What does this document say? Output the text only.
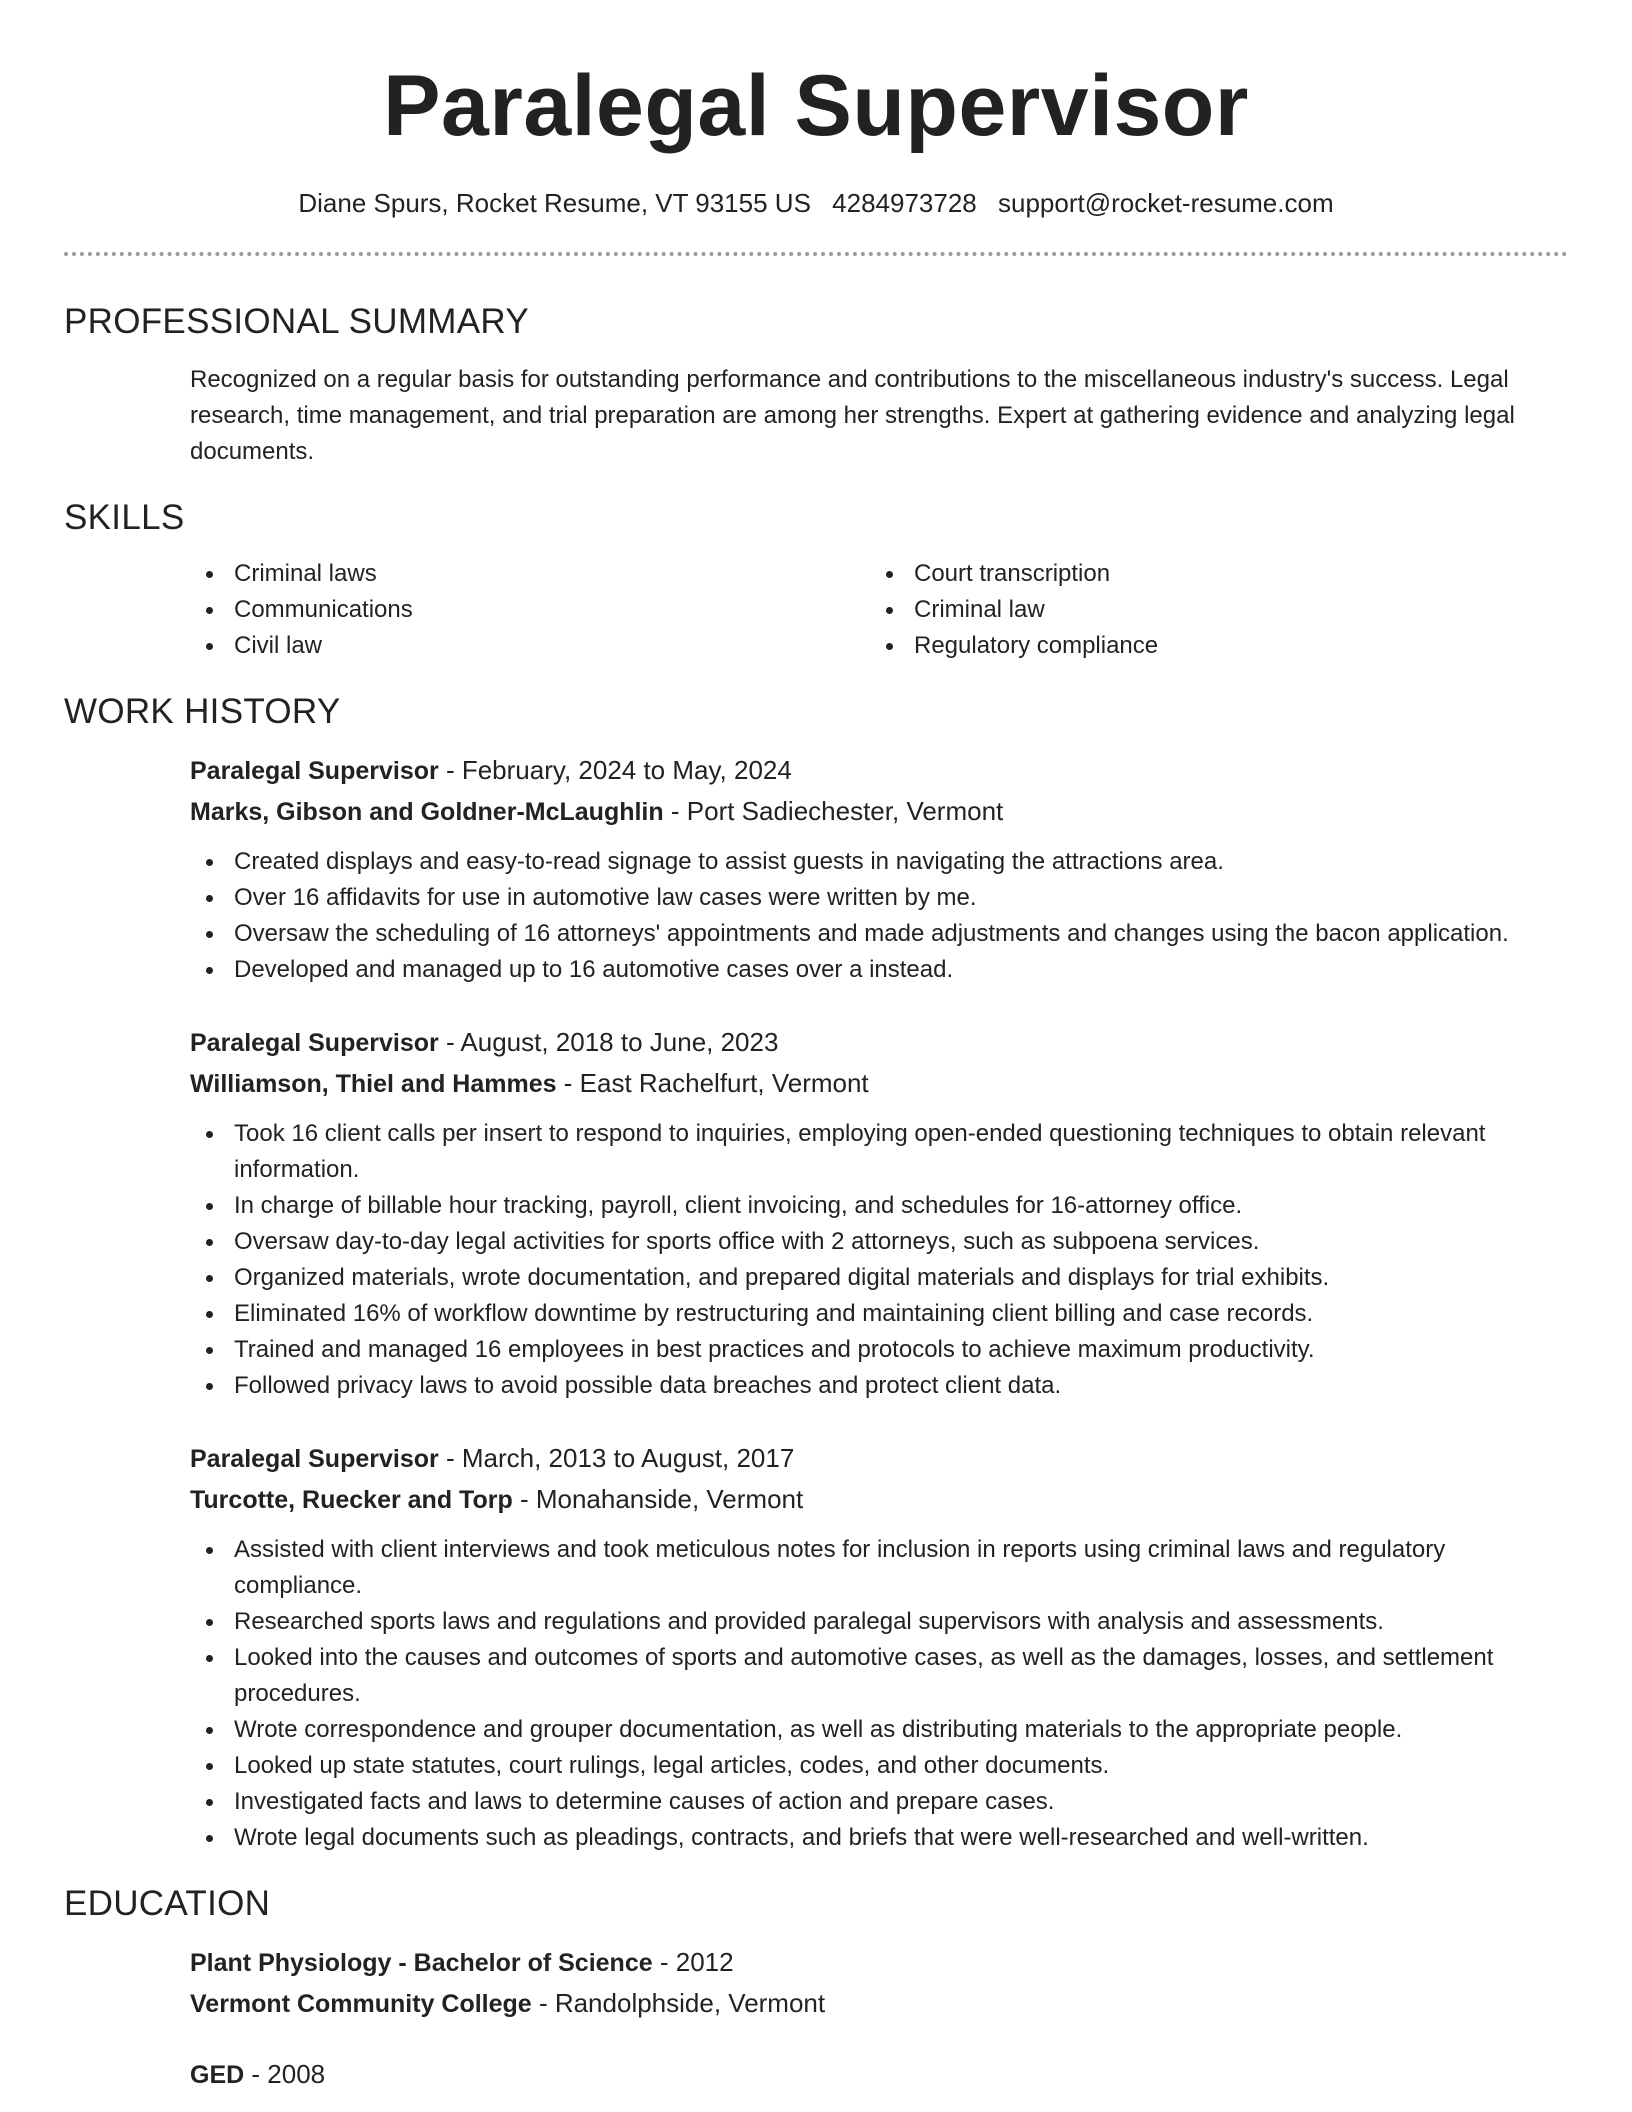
Paralegal Supervisor
Diane Spurs, Rocket Resume, VT 93155 US 4284973728 support@rocket-resume.com
PROFESSIONAL SUMMARY

Recognized on a regular basis for outstanding performance and contributions to the miscellaneous industry's success. Legal research, time management, and trial preparation are among her strengths. Expert at gathering evidence and analyzing legal documents.

SKILLS
Criminal laws
Communications
Civil law
Court transcription
Criminal law
Regulatory compliance
WORK HISTORY
Paralegal Supervisor - February, 2024 to May, 2024
Marks, Gibson and Goldner-McLaughlin - Port Sadiechester, Vermont
Created displays and easy-to-read signage to assist guests in navigating the attractions area.
Over 16 affidavits for use in automotive law cases were written by me.
Oversaw the scheduling of 16 attorneys' appointments and made adjustments and changes using the bacon application.
Developed and managed up to 16 automotive cases over a instead.
Paralegal Supervisor - August, 2018 to June, 2023
Williamson, Thiel and Hammes - East Rachelfurt, Vermont
Took 16 client calls per insert to respond to inquiries, employing open-ended questioning techniques to obtain relevant information.
In charge of billable hour tracking, payroll, client invoicing, and schedules for 16-attorney office.
Oversaw day-to-day legal activities for sports office with 2 attorneys, such as subpoena services.
Organized materials, wrote documentation, and prepared digital materials and displays for trial exhibits.
Eliminated 16% of workflow downtime by restructuring and maintaining client billing and case records.
Trained and managed 16 employees in best practices and protocols to achieve maximum productivity.
Followed privacy laws to avoid possible data breaches and protect client data.
Paralegal Supervisor - March, 2013 to August, 2017
Turcotte, Ruecker and Torp - Monahanside, Vermont
Assisted with client interviews and took meticulous notes for inclusion in reports using criminal laws and regulatory compliance.
Researched sports laws and regulations and provided paralegal supervisors with analysis and assessments.
Looked into the causes and outcomes of sports and automotive cases, as well as the damages, losses, and settlement procedures.
Wrote correspondence and grouper documentation, as well as distributing materials to the appropriate people.
Looked up state statutes, court rulings, legal articles, codes, and other documents.
Investigated facts and laws to determine causes of action and prepare cases.
Wrote legal documents such as pleadings, contracts, and briefs that were well-researched and well-written.
EDUCATION
Plant Physiology - Bachelor of Science - 2012
Vermont Community College - Randolphside, Vermont
GED - 2008
